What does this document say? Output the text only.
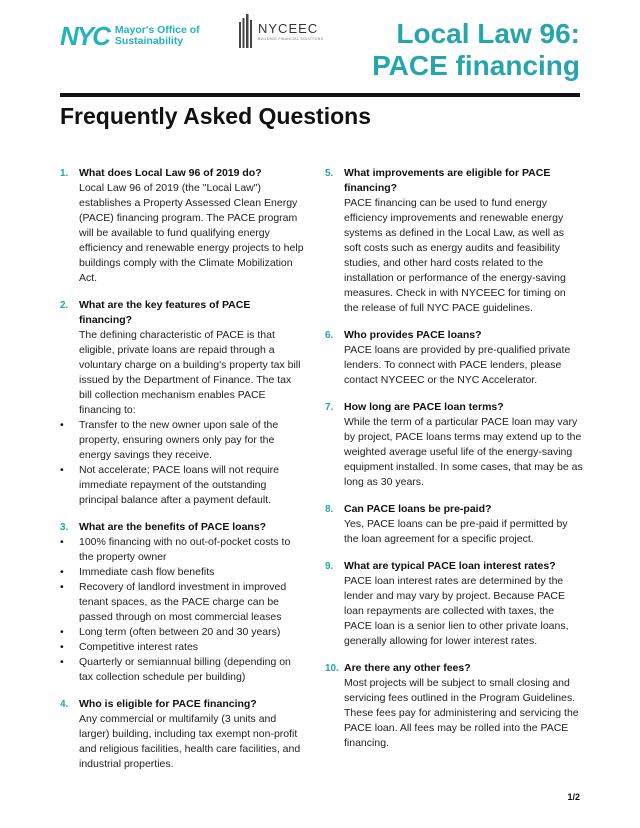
NYC Mayor's Office of
Sustainability
NYCEEC
BUILDING FINANCIAL SOLUTIONS	Local Law 96:
PACE financing
Frequently Asked Questions
1. What does Local Law 96 of 2019 do?
Local Law 96 of 2019 (the "Local Law") establishes a Property Assessed Clean Energy (PACE) financing program. The PACE program will be available to fund qualifying energy efficiency and renewable energy projects to help buildings comply with the Climate Mobilization Act.
2. What are the key features of PACE financing?
The defining characteristic of PACE is that eligible, private loans are repaid through a voluntary charge on a building's property tax bill issued by the Department of Finance. The tax bill collection mechanism enables PACE financing to:
• Transfer to the new owner upon sale of the property, ensuring owners only pay for the energy savings they receive.
• Not accelerate; PACE loans will not require immediate repayment of the outstanding principal balance after a payment default.
3. What are the benefits of PACE loans?
• 100% financing with no out-of-pocket costs to the property owner
• Immediate cash flow benefits
• Recovery of landlord investment in improved tenant spaces, as the PACE charge can be passed through on most commercial leases
• Long term (often between 20 and 30 years)
• Competitive interest rates
• Quarterly or semiannual billing (depending on tax collection schedule per building)
4. Who is eligible for PACE financing?
Any commercial or multifamily (3 units and larger) building, including tax exempt non-profit and religious facilities, health care facilities, and industrial properties.
5. What improvements are eligible for PACE financing?
PACE financing can be used to fund energy efficiency improvements and renewable energy systems as defined in the Local Law, as well as soft costs such as energy audits and feasibility studies, and other hard costs related to the installation or performance of the energy-saving measures. Check in with NYCEEC for timing on the release of full NYC PACE guidelines.
6. Who provides PACE loans?
PACE loans are provided by pre-qualified private lenders. To connect with PACE lenders, please contact NYCEEC or the NYC Accelerator.
7. How long are PACE loan terms?
While the term of a particular PACE loan may vary by project, PACE loans terms may extend up to the weighted average useful life of the energy-saving equipment installed. In some cases, that may be as long as 30 years.
8. Can PACE loans be pre-paid?
Yes, PACE loans can be pre-paid if permitted by the loan agreement for a specific project.
9. What are typical PACE loan interest rates?
PACE loan interest rates are determined by the lender and may vary by project. Because PACE loan repayments are collected with taxes, the PACE loan is a senior lien to other private loans, generally allowing for lower interest rates.
10. Are there any other fees?
Most projects will be subject to small closing and servicing fees outlined in the Program Guidelines. These fees pay for administering and servicing the PACE loan. All fees may be rolled into the PACE financing.
1/2
